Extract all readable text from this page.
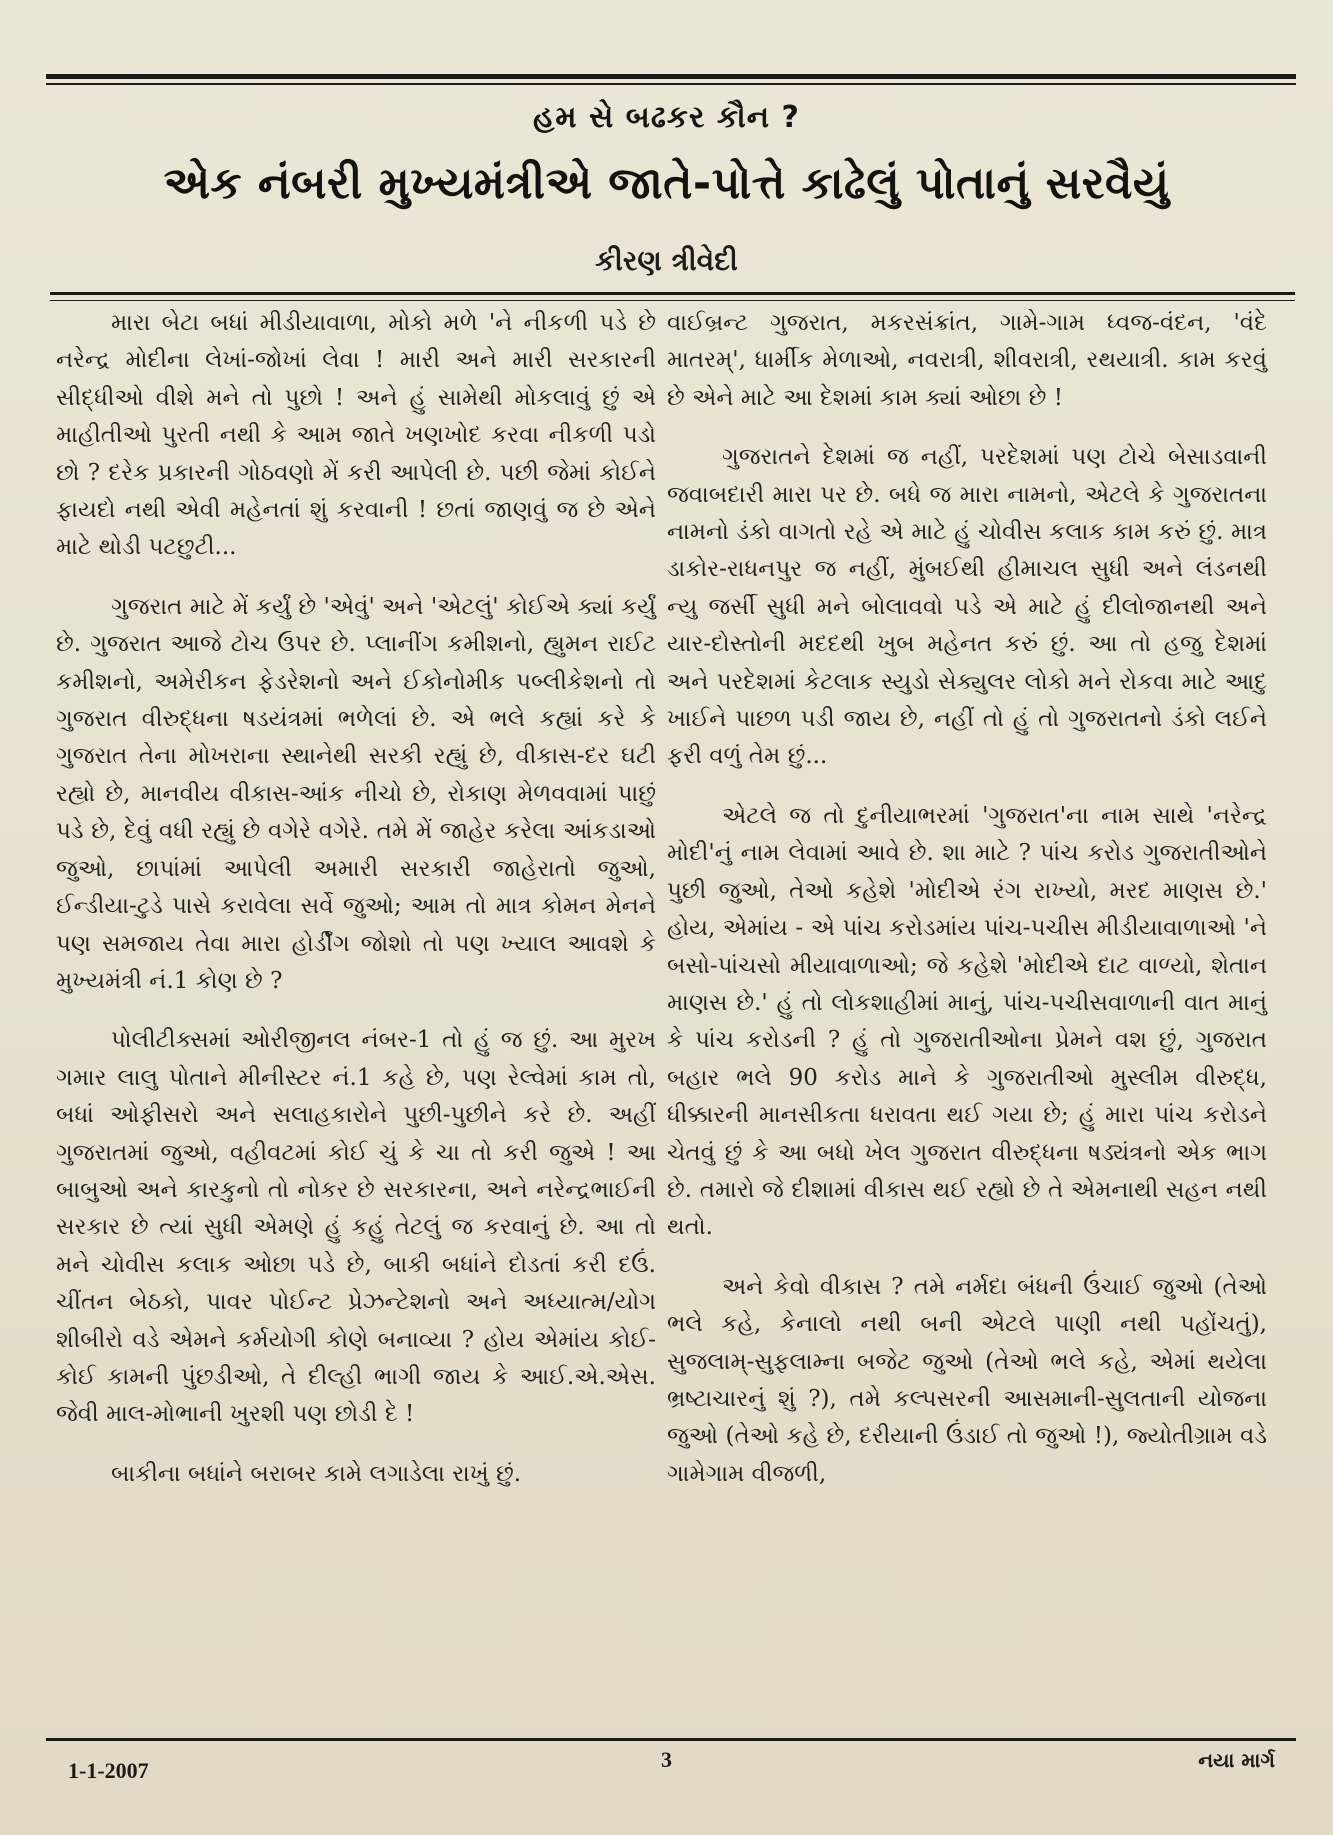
હમ સે બઢકર કૌન ?
એક નંબરી મુખ્યમંત્રીએ જાતે-પોત્તે કાઢેલું પોતાનું સરવૈયું
કીરણ ત્રીવેદી

મારા બેટા બધાં મીડીયાવાળા, મોકો મળે 'ને નીકળી પડે છે નરેન્દ્ર મોદીના લેખાં-જોખાં લેવા ! મારી અને મારી સરકારની સીદ્ધીઓ વીશે મને તો પુછો ! અને હું સામેથી મોકલાવું છું એ માહીતીઓ પુરતી નથી કે આમ જાતે ખણખોદ કરવા નીકળી પડો છો ? દરેક પ્રકારની ગોઠવણો મેં કરી આપેલી છે. પછી જેમાં કોઈને ફાયદો નથી એવી મહેનતાં શું કરવાની ! છતાં જાણવું જ છે એને માટે થોડી પટછુટી...

ગુજરાત માટે મેં કર્યું છે 'એવું' અને 'એટલું' કોઈએ ક્યાં કર્યું છે. ગુજરાત આજે ટોચ ઉપર છે. પ્લાનીંગ કમીશનો, હ્યુમન રાઈટ કમીશનો, અમેરીકન ફેડરેશનો અને ઈકોનોમીક પબ્લીકેશનો તો ગુજરાત વીરુદ્ધના ષડયંત્રમાં ભળેલાં છે. એ ભલે કહ્યાં કરે કે ગુજરાત તેના મોખરાના સ્થાનેથી સરકી રહ્યું છે, વીકાસ-દર ઘટી રહ્યો છે, માનવીય વીકાસ-આંક નીચો છે, રોકાણ મેળવવામાં પાછું પડે છે, દેવું વધી રહ્યું છે વગેરે વગેરે. તમે મેં જાહેર કરેલા આંકડાઓ જુઓ, છાપાંમાં આપેલી અમારી સરકારી જાહેરાતો જુઓ, ઈન્ડીયા-ટુડે પાસે કરાવેલા સર્વે જુઓ; આમ તો માત્ર કોમન મેનને પણ સમજાય તેવા મારા હોર્ડીંગ જોશો તો પણ ખ્યાલ આવશે કે મુખ્યમંત્રી નં.1 કોણ છે ?

પોલીટીક્સમાં ઓરીજીનલ નંબર-1 તો હું જ છું. આ મુરખ ગમાર લાલુ પોતાને મીનીસ્ટર નં.1 કહે છે, પણ રેલ્વેમાં કામ તો, બધાં ઓફીસરો અને સલાહકારોને પુછી-પુછીને કરે છે. અહીં ગુજરાતમાં જુઓ, વહીવટમાં કોઈ ચું કે ચા તો કરી જુએ ! આ બાબુઓ અને કારકુનો તો નોકર છે સરકારના, અને નરેન્દ્રભાઈની સરકાર છે ત્યાં સુધી એમણે હું કહું તેટલું જ કરવાનું છે. આ તો મને ચોવીસ કલાક ઓછા પડે છે, બાકી બધાંને દોડતાં કરી દઉં. ચીંતન બેઠકો, પાવર પોઈન્ટ પ્રેઝન્ટેશનો અને અધ્યાત્મ/યોગ શીબીરો વડે એમને કર્મયોગી કોણે બનાવ્યા ? હોય એમાંય કોઈ-કોઈ કામની પુંછડીઓ, તે દીલ્હી ભાગી જાય કે આઈ.એ.એસ. જેવી માલ-મોભાની ખુરશી પણ છોડી દે !

બાકીના બધાંને બરાબર કામે લગાડેલા રાખું છું.

વાઈબ્રન્ટ ગુજરાત, મકરસંક્રાંત, ગામે-ગામ ધ્વજ-વંદન, 'વંદે માતરમ્', ધાર્મીક મેળાઓ, નવરાત્રી, શીવરાત્રી, રથયાત્રી. કામ કરવું છે એને માટે આ દેશમાં કામ ક્યાં ઓછા છે !

ગુજરાતને દેશમાં જ નહીં, પરદેશમાં પણ ટોચે બેસાડવાની જવાબદારી મારા પર છે. બધે જ મારા નામનો, એટલે કે ગુજરાતના નામનો ડંકો વાગતો રહે એ માટે હું ચોવીસ કલાક કામ કરું છું. માત્ર ડાકોર-રાધનપુર જ નહીં, મુંબઈથી હીમાચલ સુધી અને લંડનથી ન્યુ જર્સી સુધી મને બોલાવવો પડે એ માટે હું દીલોજાનથી અને યાર-દોસ્તોની મદદથી ખુબ મહેનત કરું છું. આ તો હજુ દેશમાં અને પરદેશમાં કેટલાક સ્યુડો સેક્યુલર લોકો મને રોકવા માટે આદુ ખાઈને પાછળ પડી જાય છે, નહીં તો હું તો ગુજરાતનો ડંકો લઈને ફરી વળું તેમ છું...

એટલે જ તો દુનીયાભરમાં 'ગુજરાત'ના નામ સાથે 'નરેન્દ્ર મોદી'નું નામ લેવામાં આવે છે. શા માટે ? પાંચ કરોડ ગુજરાતીઓને પુછી જુઓ, તેઓ કહેશે 'મોદીએ રંગ રાખ્યો, મરદ માણસ છે.' હોય, એમાંય - એ પાંચ કરોડમાંય પાંચ-પચીસ મીડીયાવાળાઓ 'ને બસો-પાંચસો મીયાવાળાઓ; જે કહેશે 'મોદીએ દાટ વાળ્યો, શેતાન માણસ છે.' હું તો લોકશાહીમાં માનું, પાંચ-પચીસવાળાની વાત માનું કે પાંચ કરોડની ? હું તો ગુજરાતીઓના પ્રેમને વશ છું, ગુજરાત બહાર ભલે 90 કરોડ માને કે ગુજરાતીઓ મુસ્લીમ વીરુદ્ધ, ધીક્કારની માનસીકતા ધરાવતા થઈ ગયા છે; હું મારા પાંચ કરોડને ચેતવું છું કે આ બધો ખેલ ગુજરાત વીરુદ્ધના ષડ્યંત્રનો એક ભાગ છે. તમારો જે દીશામાં વીકાસ થઈ રહ્યો છે તે એમનાથી સહન નથી થતો.

અને કેવો વીકાસ ? તમે નર્મદા બંધની ઉંચાઈ જુઓ (તેઓ ભલે કહે, કેનાલો નથી બની એટલે પાણી નથી પહોંચતું), સુજલામ્-સુફલામ્ના બજેટ જુઓ (તેઓ ભલે કહે, એમાં થયેલા ભ્રષ્ટાચારનું શું ?), તમે કલ્પસરની આસમાની-સુલતાની યોજના જુઓ (તેઓ કહે છે, દરીયાની ઉંડાઈ તો જુઓ !), જ્યોતીગ્રામ વડે ગામેગામ વીજળી,

1-1-2007	3	નયા માર્ગ
